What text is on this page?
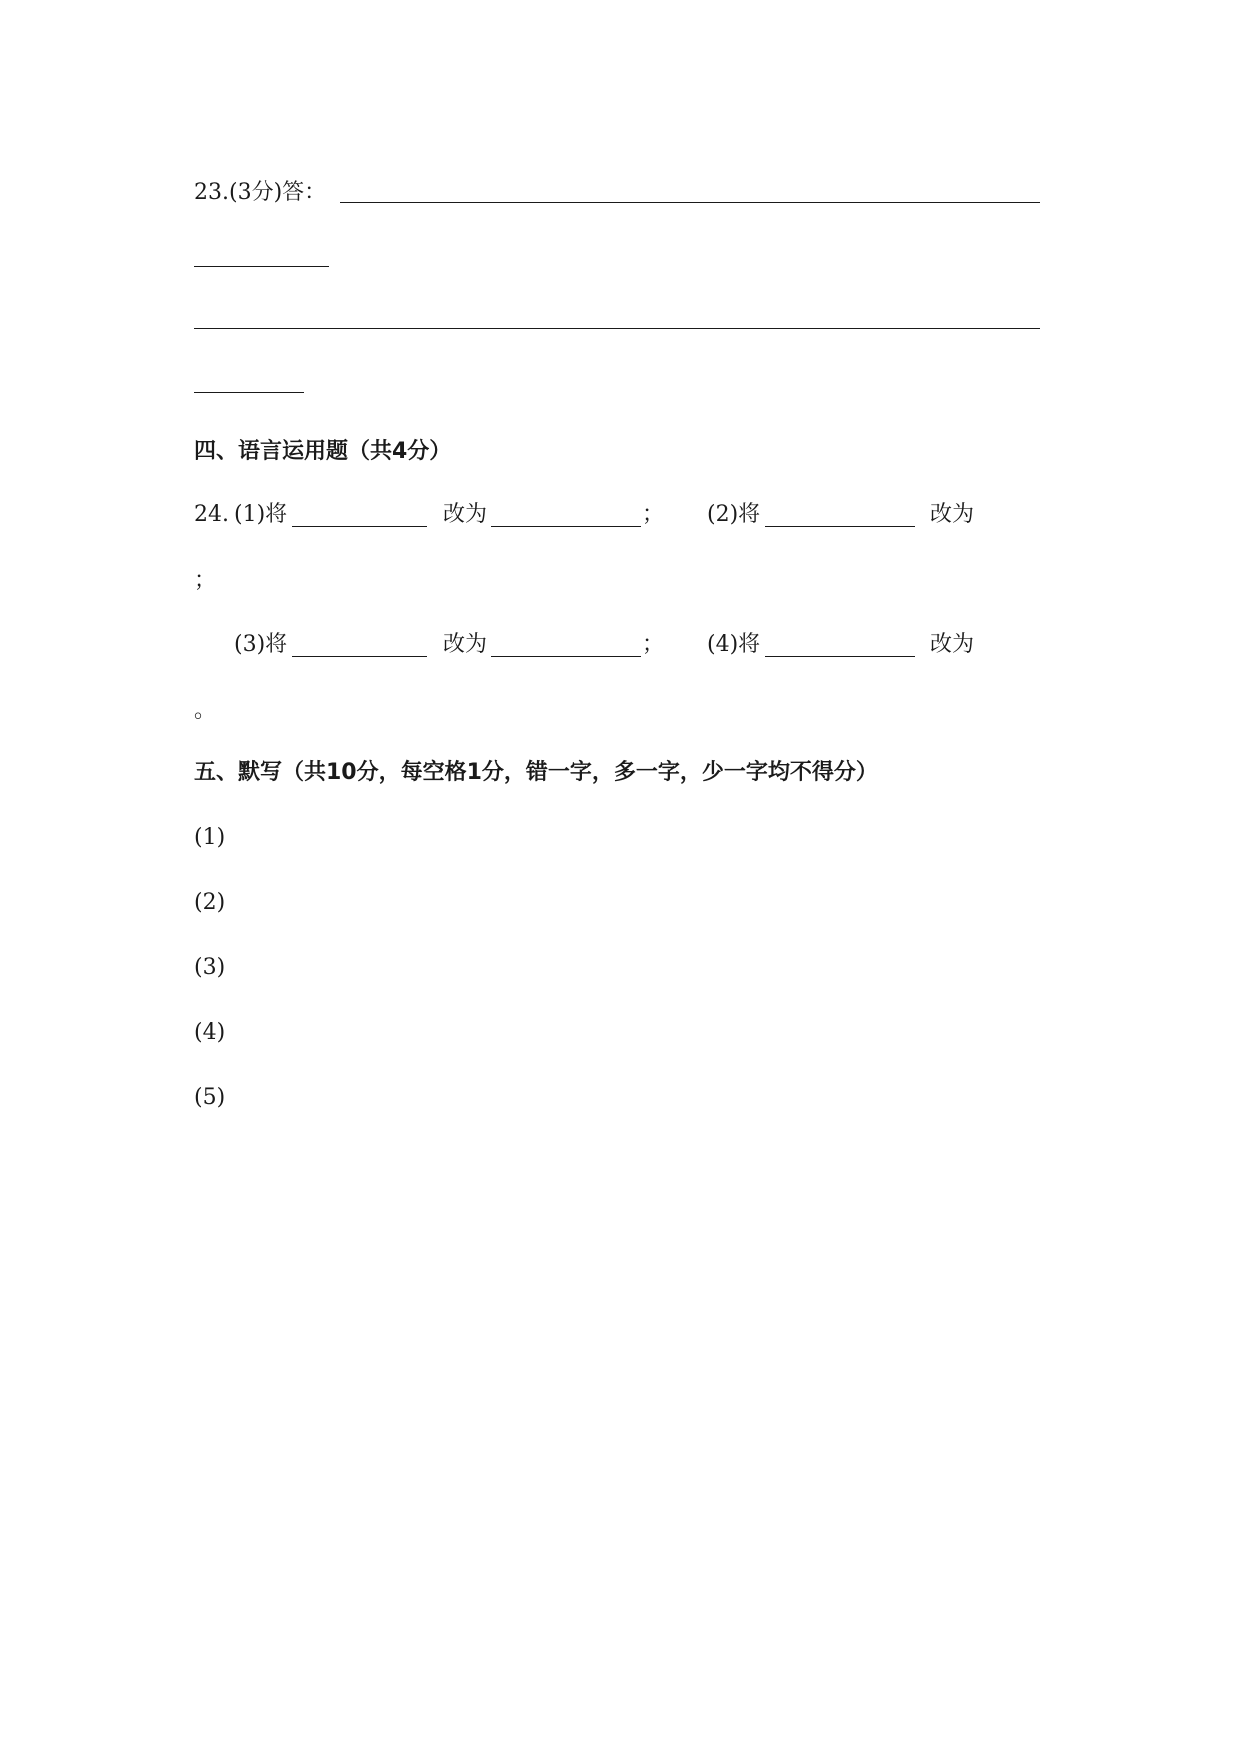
23.(3分)答：
四、语言运用题（共4分）
24. (1)将	改为	； (2)将	改为
；
(3)将	改为	； (4)将	改为
。
五、默写（共10分，每空格1分，错一字，多一字，少一字均不得分）
(1)
(2)
(3)
(4)
(5)
